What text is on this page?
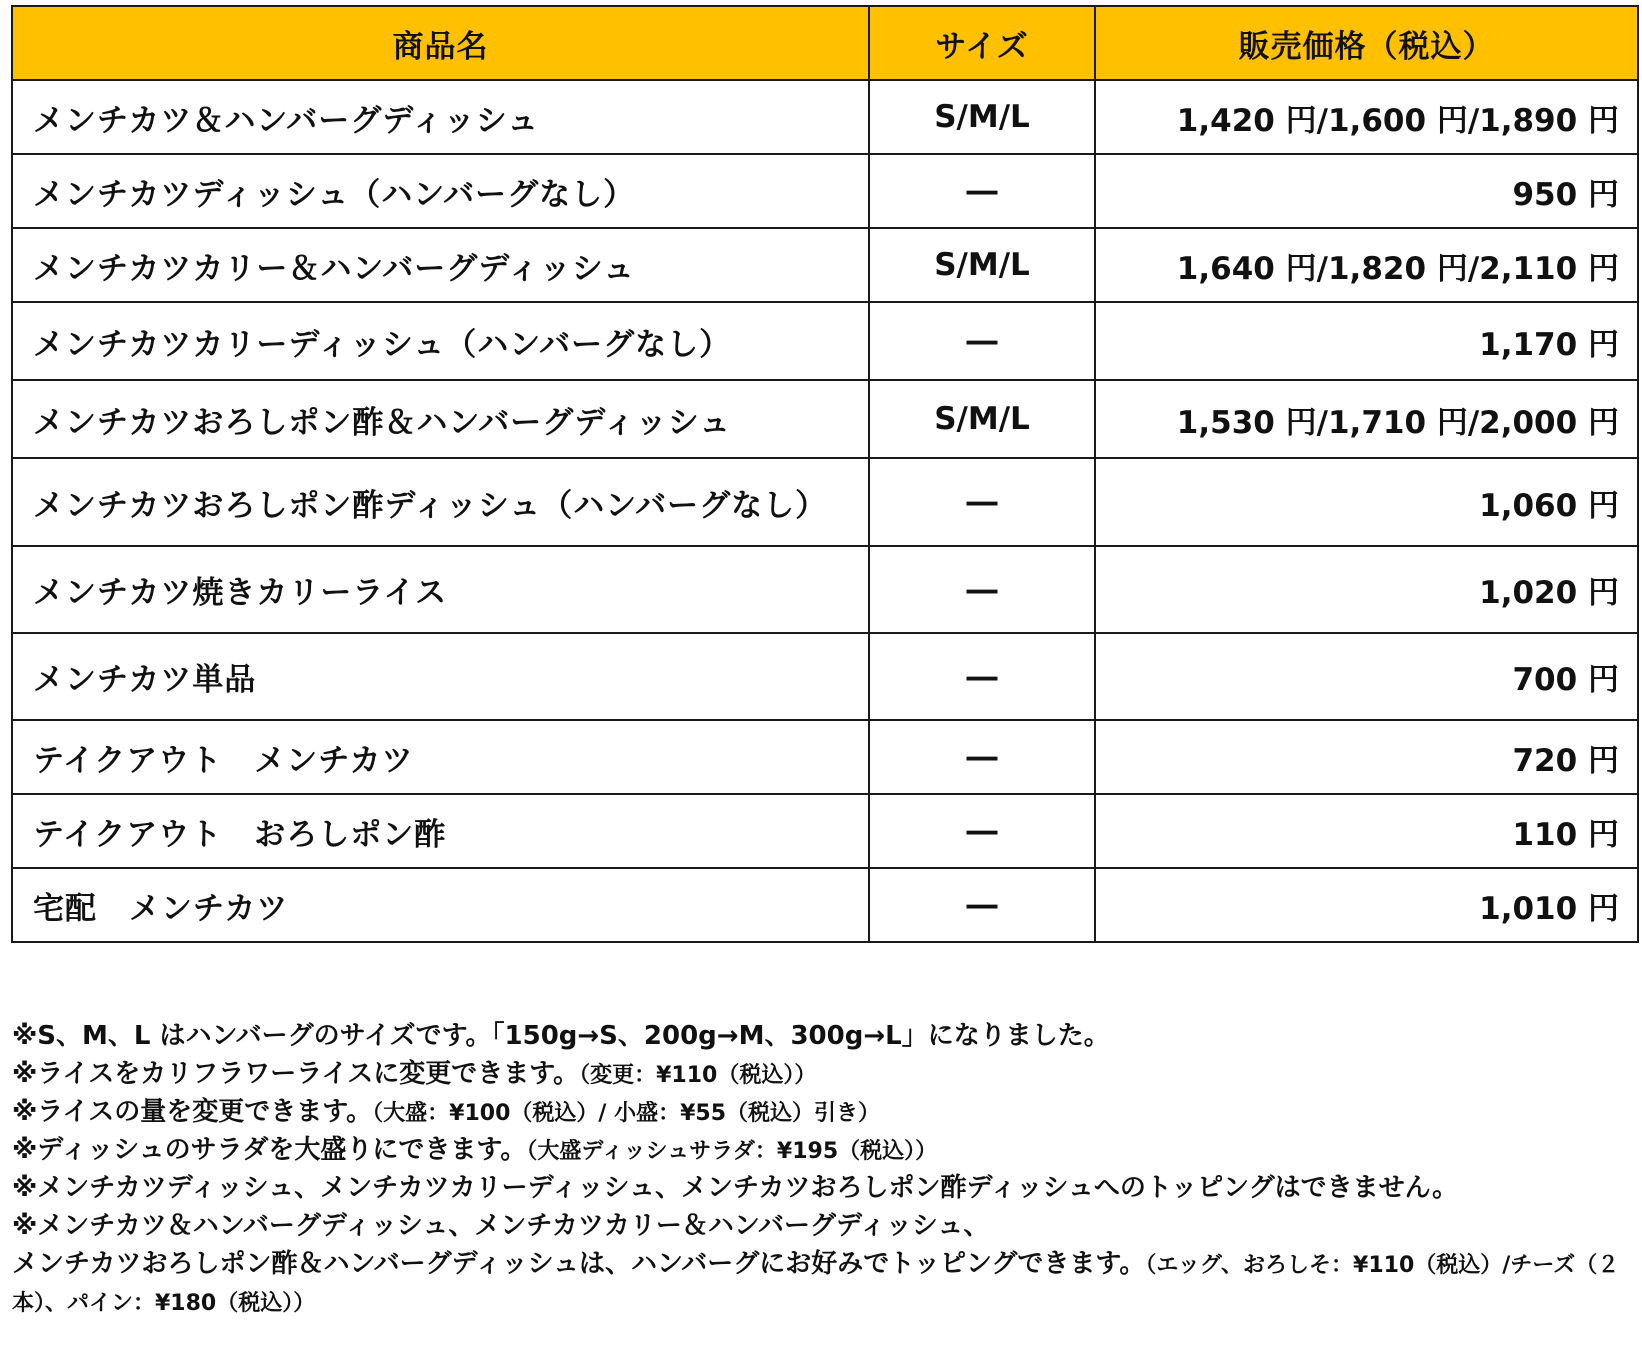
商品名	サイズ	販売価格（税込）
メンチカツ＆ハンバーグディッシュ	S/M/L	1,420 円/1,600 円/1,890 円
メンチカツディッシュ（ハンバーグなし）	―	950 円
メンチカツカリー＆ハンバーグディッシュ	S/M/L	1,640 円/1,820 円/2,110 円
メンチカツカリーディッシュ（ハンバーグなし）	―	1,170 円
メンチカツおろしポン酢＆ハンバーグディッシュ	S/M/L	1,530 円/1,710 円/2,000 円
メンチカツおろしポン酢ディッシュ（ハンバーグなし）	―	1,060 円
メンチカツ焼きカリーライス	―	1,020 円
メンチカツ単品	―	700 円
テイクアウト　メンチカツ	―	720 円
テイクアウト　おろしポン酢	―	110 円
宅配　メンチカツ	―	1,010 円
※S、M、L はハンバーグのサイズです。「150g→S、200g→M、300g→L」になりました。
※ライスをカリフラワーライスに変更できます。（変更：¥110（税込））
※ライスの量を変更できます。（大盛：¥100（税込）/ 小盛：¥55（税込）引き）
※ディッシュのサラダを大盛りにできます。（大盛ディッシュサラダ：¥195（税込））
※メンチカツディッシュ、メンチカツカリーディッシュ、メンチカツおろしポン酢ディッシュへのトッピングはできません。
※メンチカツ＆ハンバーグディッシュ、メンチカツカリー＆ハンバーグディッシュ、
メンチカツおろしポン酢＆ハンバーグディッシュは、ハンバーグにお好みでトッピングできます。（エッグ、おろしそ：¥110（税込）/チーズ（２本）、パイン：¥180（税込））
